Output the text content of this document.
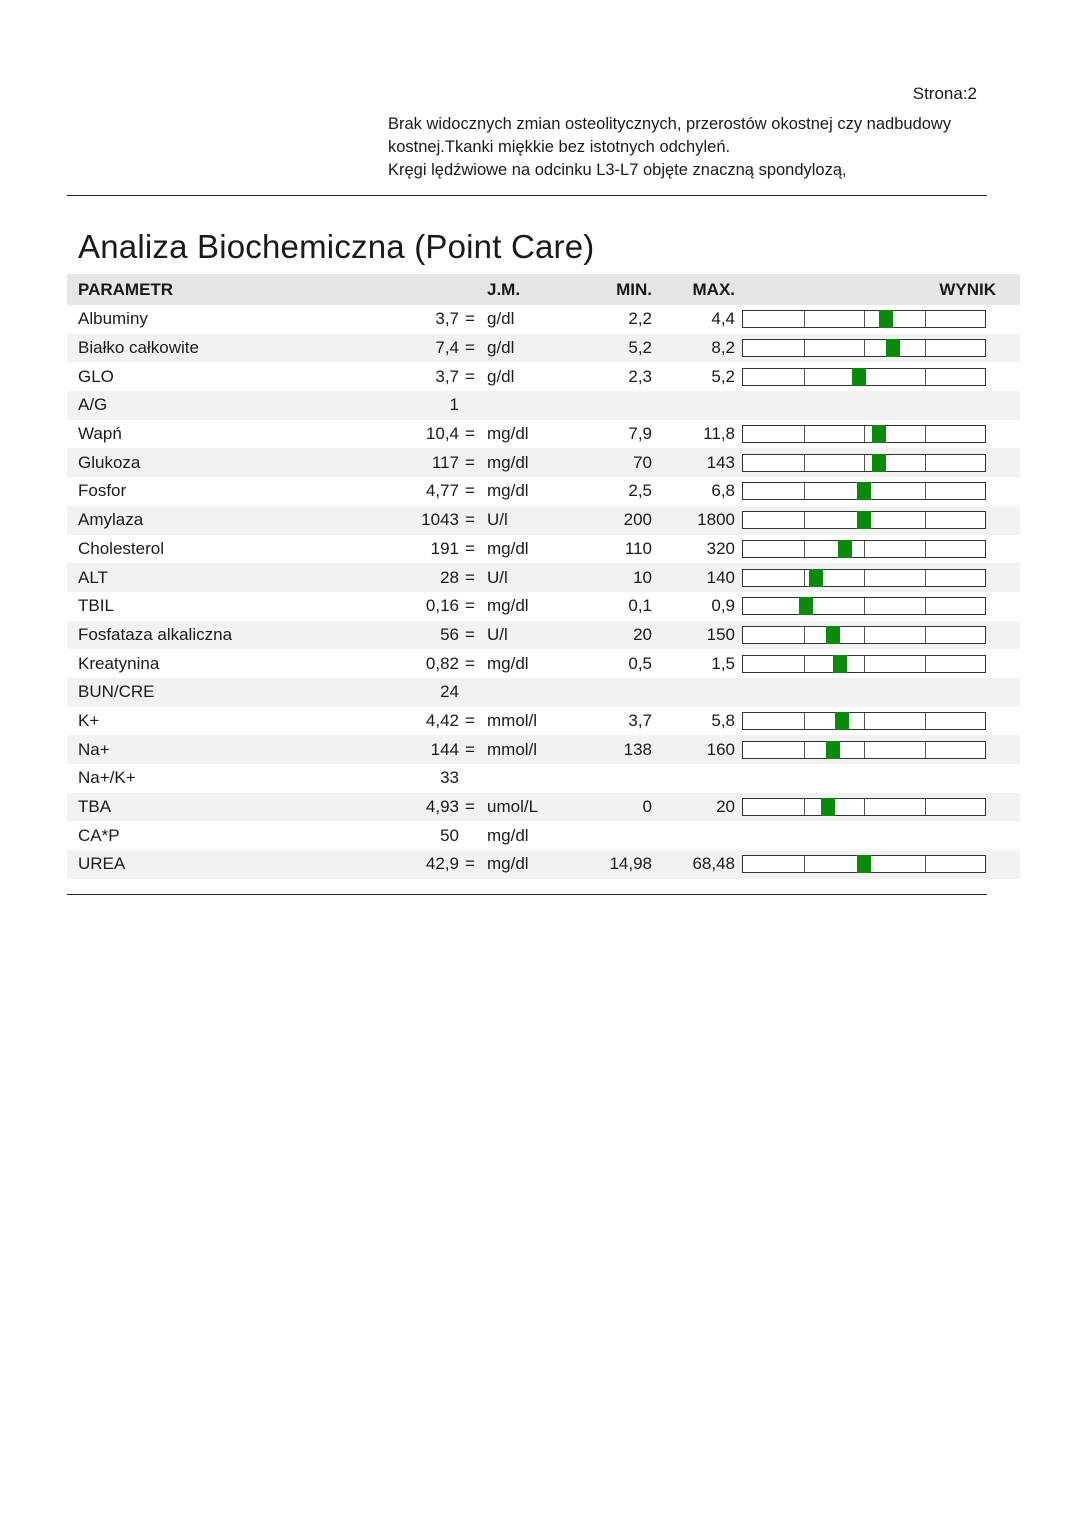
Strona:2
Brak widocznych zmian osteolitycznych, przerostów okostnej czy nadbudowy
kostnej.Tkanki miękkie bez istotnych odchyleń.
Kręgi lędźwiowe na odcinku L3-L7 objęte znaczną spondylozą,
Analiza Biochemiczna (Point Care)
PARAMETR	J.M.	MIN. MAX.	WYNIK
Albuminy	3,7 = g/dl	2,2	4,4
Białko całkowite	7,4 = g/dl	5,2	8,2
GLO	3,7 = g/dl	2,3	5,2
A/G	1
Wapń	10,4 = mg/dl	7,9	11,8
Glukoza	117 = mg/dl	70	143
Fosfor	4,77 = mg/dl	2,5	6,8
Amylaza	1043 = U/l	200	1800
Cholesterol	191 = mg/dl	110	320
ALT	28 = U/l	10	140
TBIL	0,16 = mg/dl	0,1	0,9
Fosfataza alkaliczna	56 = U/l	20	150
Kreatynina	0,82 = mg/dl	0,5	1,5
BUN/CRE	24
K+	4,42 = mmol/l	3,7	5,8
Na+	144 = mmol/l	138	160
Na+/K+	33
TBA	4,93 = umol/L	0	20
CA*P	50 mg/dl
UREA	42,9 = mg/dl	14,98 68,48
